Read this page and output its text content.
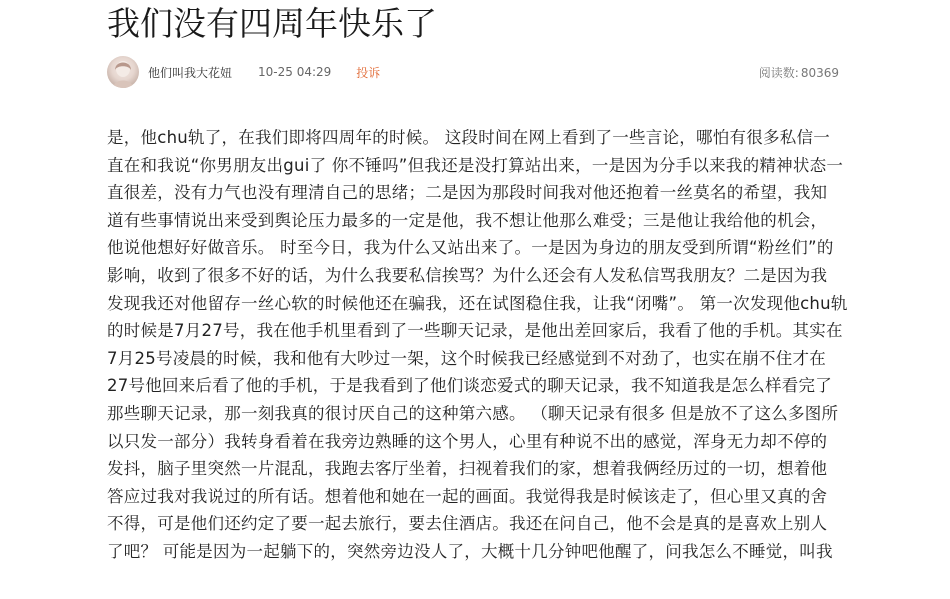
我们没有四周年快乐了
他们叫我大花妞 10-25 04:29 投诉	阅读数: 80369
是，他chu轨了，在我们即将四周年的时候。 这段时间在网上看到了一些言论，哪怕有很多私信一
直在和我说“你男朋友出gui了 你不锤吗”但我还是没打算站出来，一是因为分手以来我的精神状态一
直很差，没有力气也没有理清自己的思绪；二是因为那段时间我对他还抱着一丝莫名的希望，我知
道有些事情说出来受到舆论压力最多的一定是他，我不想让他那么难受；三是他让我给他的机会，
他说他想好好做音乐。 时至今日，我为什么又站出来了。一是因为身边的朋友受到所谓“粉丝们”的
影响，收到了很多不好的话，为什么我要私信挨骂？为什么还会有人发私信骂我朋友？二是因为我
发现我还对他留存一丝心软的时候他还在骗我，还在试图稳住我，让我“闭嘴”。 第一次发现他chu轨
的时候是7月27号，我在他手机里看到了一些聊天记录，是他出差回家后，我看了他的手机。其实在
7月25号凌晨的时候，我和他有大吵过一架，这个时候我已经感觉到不对劲了，也实在崩不住才在
27号他回来后看了他的手机，于是我看到了他们谈恋爱式的聊天记录，我不知道我是怎么样看完了
那些聊天记录，那一刻我真的很讨厌自己的这种第六感。 （聊天记录有很多 但是放不了这么多图所
以只发一部分）我转身看着在我旁边熟睡的这个男人，心里有种说不出的感觉，浑身无力却不停的
发抖，脑子里突然一片混乱，我跑去客厅坐着，扫视着我们的家，想着我俩经历过的一切，想着他
答应过我对我说过的所有话。想着他和她在一起的画面。我觉得我是时候该走了，但心里又真的舍
不得，可是他们还约定了要一起去旅行，要去住酒店。我还在问自己，他不会是真的是喜欢上别人
了吧？ 可能是因为一起躺下的，突然旁边没人了，大概十几分钟吧他醒了，问我怎么不睡觉，叫我
